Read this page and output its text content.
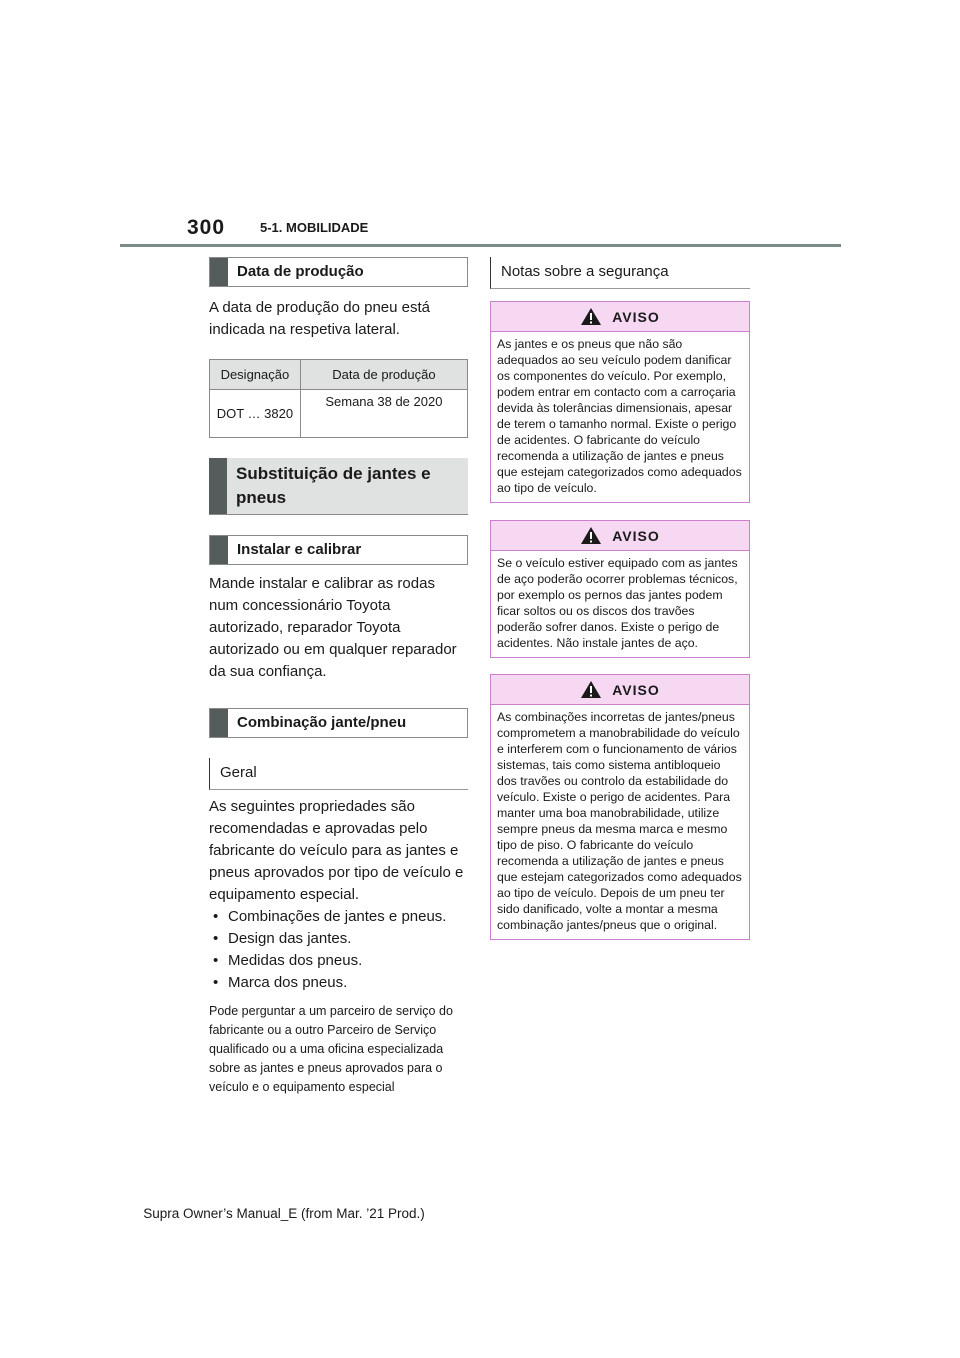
300	5-1. MOBILIDADE
Data de produção

A data de produção do pneu está indicada na respetiva lateral.

Designação	Data de produção
DOT … 3820	Semana 38 de 2020
Substituição de jantes e pneus
Instalar e calibrar

Mande instalar e calibrar as rodas num concessionário Toyota autorizado, reparador Toyota autorizado ou em qualquer reparador da sua confiança.

Combinação jante/pneu
Geral

As seguintes propriedades são recomendadas e aprovadas pelo fabricante do veículo para as jantes e pneus aprovados por tipo de veículo e equipamento especial.

• Combinações de jantes e pneus.
• Design das jantes.
• Medidas dos pneus.
• Marca dos pneus.

Pode perguntar a um parceiro de serviço do fabricante ou a outro Parceiro de Serviço qualificado ou a uma oficina especializada sobre as jantes e pneus aprovados para o veículo e o equipamento especial

Notas sobre a segurança
AVISO

As jantes e os pneus que não são adequados ao seu veículo podem danificar os componentes do veículo. Por exemplo, podem entrar em contacto com a carroçaria devida às tolerâncias dimensionais, apesar de terem o tamanho normal. Existe o perigo de acidentes. O fabricante do veículo recomenda a utilização de jantes e pneus que estejam categorizados como adequados ao tipo de veículo.

AVISO

Se o veículo estiver equipado com as jantes de aço poderão ocorrer problemas técnicos, por exemplo os pernos das jantes podem ficar soltos ou os discos dos travões poderão sofrer danos. Existe o perigo de acidentes. Não instale jantes de aço.

AVISO

As combinações incorretas de jantes/pneus comprometem a manobrabilidade do veículo e interferem com o funcionamento de vários sistemas, tais como sistema antibloqueio dos travões ou controlo da estabilidade do veículo. Existe o perigo de acidentes. Para manter uma boa manobrabilidade, utilize sempre pneus da mesma marca e mesmo tipo de piso. O fabricante do veículo recomenda a utilização de jantes e pneus que estejam categorizados como adequados ao tipo de veículo. Depois de um pneu ter sido danificado, volte a montar a mesma combinação jantes/pneus que o original.

Supra Owner’s Manual_E (from Mar. ’21 Prod.)
